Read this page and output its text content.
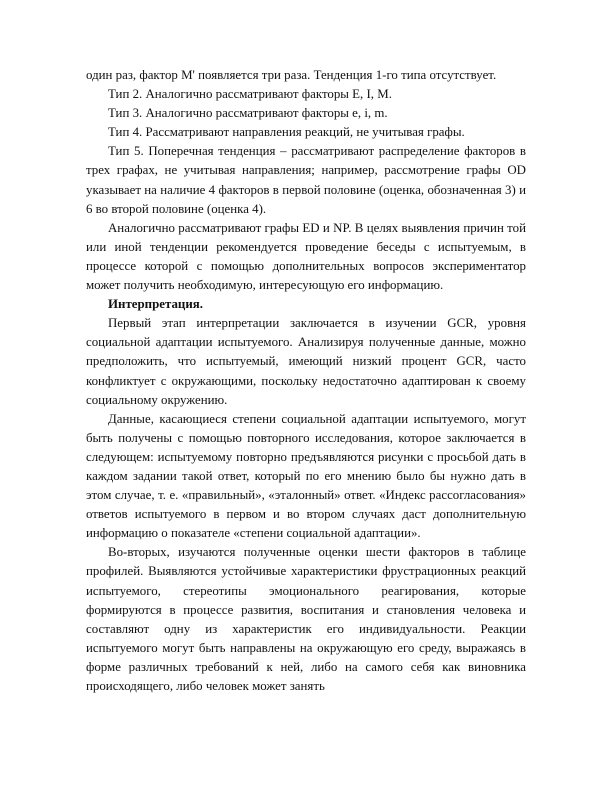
один раз, фактор M' появляется три раза. Тенденция 1-го типа отсутствует.

Тип 2. Аналогично рассматривают факторы E, I, M.

Тип 3. Аналогично рассматривают факторы e, i, m.

Тип 4. Рассматривают направления реакций, не учитывая графы.

Тип 5. Поперечная тенденция – рассматривают распределение факторов в трех графах, не учитывая направления; например, рассмотрение графы OD указывает на наличие 4 факторов в первой половине (оценка, обозначенная 3) и 6 во второй половине (оценка 4).

Аналогично рассматривают графы ED и NP. В целях выявления причин той или иной тенденции рекомендуется проведение беседы с испытуемым, в процессе которой с помощью дополнительных вопросов экспериментатор может получить необходимую, интересующую его информацию.

Интерпретация.

Первый этап интерпретации заключается в изучении GCR, уровня социальной адаптации испытуемого. Анализируя полученные данные, можно предположить, что испытуемый, имеющий низкий процент GCR, часто конфликтует с окружающими, поскольку недостаточно адаптирован к своему социальному окружению.

Данные, касающиеся степени социальной адаптации испытуемого, могут быть получены с помощью повторного исследования, которое заключается в следующем: испытуемому повторно предъявляются рисунки с просьбой дать в каждом задании такой ответ, который по его мнению было бы нужно дать в этом случае, т. е. «правильный», «эталонный» ответ. «Индекс рассогласования» ответов испытуемого в первом и во втором случаях даст дополнительную информацию о показателе «степени социальной адаптации».

Во-вторых, изучаются полученные оценки шести факторов в таблице профилей. Выявляются устойчивые характеристики фрустрационных реакций испытуемого, стереотипы эмоционального реагирования, которые формируются в процессе развития, воспитания и становления человека и составляют одну из характеристик его индивидуальности. Реакции испытуемого могут быть направлены на окружающую его среду, выражаясь в форме различных требований к ней, либо на самого себя как виновника происходящего, либо человек может занять
